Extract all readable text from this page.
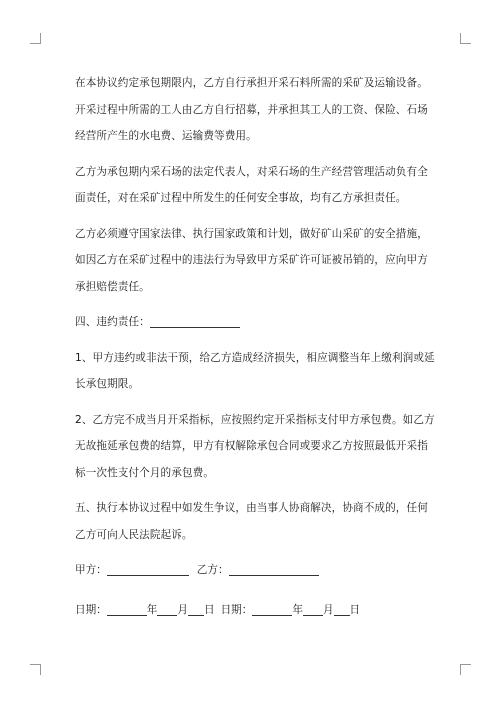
在本协议约定承包期限内，乙方自行承担开采石料所需的采矿及运输设备。开采过程中所需的工人由乙方自行招募，并承担其工人的工资、保险、石场经营所产生的水电费、运输费等费用。

乙方为承包期内采石场的法定代表人，对采石场的生产经营管理活动负有全面责任，对在采矿过程中所发生的任何安全事故，均有乙方承担责任。

乙方必须遵守国家法律、执行国家政策和计划，做好矿山采矿的安全措施，如因乙方在采矿过程中的违法行为导致甲方采矿许可证被吊销的，应向甲方承担赔偿责任。

四、违约责任：

1、甲方违约或非法干预，给乙方造成经济损失，相应调整当年上缴利润或延长承包期限。

2、乙方完不成当月开采指标，应按照约定开采指标支付甲方承包费。如乙方无故拖延承包费的结算，甲方有权解除承包合同或要求乙方按照最低开采指标一次性支付个月的承包费。

五、执行本协议过程中如发生争议，由当事人协商解决，协商不成的，任何乙方可向人民法院起诉。

甲方：	乙方：
日期：	年 月 日 日期：	年 月 日
